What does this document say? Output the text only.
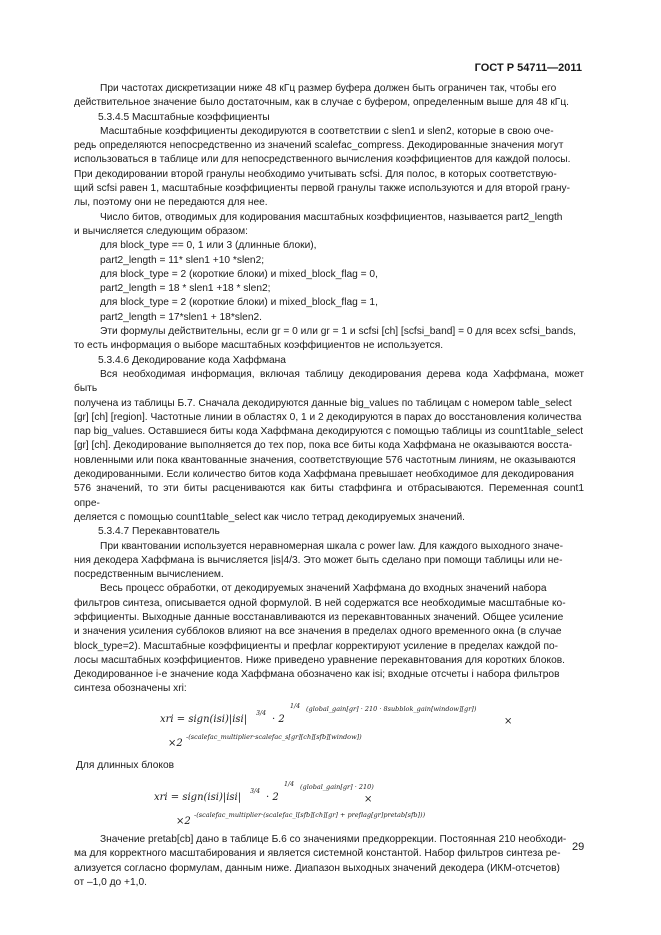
ГОСТ Р 54711—2011

При частотах дискретизации ниже 48 кГц размер буфера должен быть ограничен так, чтобы его

действительное значение было достаточным, как в случае с буфером, определенным выше для 48 кГц.

5.3.4.5 Масштабные коэффициенты

Масштабные коэффициенты декодируются в соответствии с slen1 и slen2, которые в свою оче-

редь определяются непосредственно из значений scalefac_compress. Декодированные значения могут

использоваться в таблице или для непосредственного вычисления коэффициентов для каждой полосы.

При декодировании второй гранулы необходимо учитывать scfsi. Для полос, в которых соответствую-

щий scfsi равен 1, масштабные коэффициенты первой гранулы также используются и для второй грану-

лы, поэтому они не передаются для нее.

Число битов, отводимых для кодирования масштабных коэффициентов, называется part2_length

и вычисляется следующим образом:

для block_type == 0, 1 или 3 (длинные блоки),

part2_length = 11* slen1 +10 *slen2;

для block_type = 2 (короткие блоки) и mixed_block_flag = 0,

part2_length = 18 * slen1 +18 * slen2;

для block_type = 2 (короткие блоки) и mixed_block_flag = 1,

part2_length = 17*slen1 + 18*slen2.

Эти формулы действительны, если gr = 0 или gr = 1 и scfsi [ch] [scfsi_band] = 0 для всех scfsi_bands,

то есть информация о выборе масштабных коэффициентов не используется.

5.3.4.6 Декодирование кода Хаффмана

Вся необходимая информация, включая таблицу декодирования дерева кода Хаффмана, может быть

получена из таблицы Б.7. Сначала декодируются данные big_values по таблицам с номером table_select

[gr] [ch] [region]. Частотные линии в областях 0, 1 и 2 декодируются в парах до восстановления количества

пар big_values. Оставшиеся биты кода Хаффмана декодируются с помощью таблицы из count1table_select

[gr] [ch]. Декодирование выполняется до тех пор, пока все биты кода Хаффмана не оказываются восста-

новленными или пока квантованные значения, соответствующие 576 частотным линиям, не оказываются

декодированными. Если количество битов кода Хаффмана превышает необходимое для декодирования

576 значений, то эти биты расцениваются как биты стаффинга и отбрасываются. Переменная count1 опре-

деляется с помощью count1table_select как число тетрад декодируемых значений.

5.3.4.7 Перекавнтователь

При квантовании используется неравномерная шкала с power law. Для каждого выходного значе-

ния декодера Хаффмана is вычисляется |is|4/3. Это может быть сделано при помощи таблицы или не-

посредственным вычислением.

Весь процесс обработки, от декодируемых значений Хаффмана до входных значений набора

фильтров синтеза, описывается одной формулой. В ней содержатся все необходимые масштабные ко-

эффициенты. Выходные данные восстанавливаются из перекавнтованных значений. Общее усиление

и значения усиления субблоков влияют на все значения в пределах одного временного окна (в случае

block_type=2). Масштабные коэффициенты и префлаг корректируют усиление в пределах каждой по-

лосы масштабных коэффициентов. Ниже приведено уравнение перекавнтования для коротких блоков.

Декодированное i-е значение кода Хаффмана обозначено как isi; входные отсчеты i набора фильтров

синтеза обозначены xri:

xri = sign(isi)|isi|
3/4
· 2
1/4 (global_gain[gr] · 210 · 8subblok_gain[window][gr])
×
×2
-(scalefac_multiplier·scalefac_s[gr][ch][sfb][window])

Для длинных блоков

xri = sign(isi)|isi|
3/4
· 2
1/4 (global_gain[gr] · 210)
×
×2
-(scalefac_multiplier·(scalefac_l[sfb][ch][gr] + preflag[gr]pretab[sfb]))

Значение pretab[cb] дано в таблице Б.6 со значениями предкоррекции. Постоянная 210 необходи-

ма для корректного масштабирования и является системной константой. Набор фильтров синтеза ре-

ализуется согласно формулам, данным ниже. Диапазон выходных значений декодера (ИКМ-отсчетов)

от –1,0 до +1,0.

29
